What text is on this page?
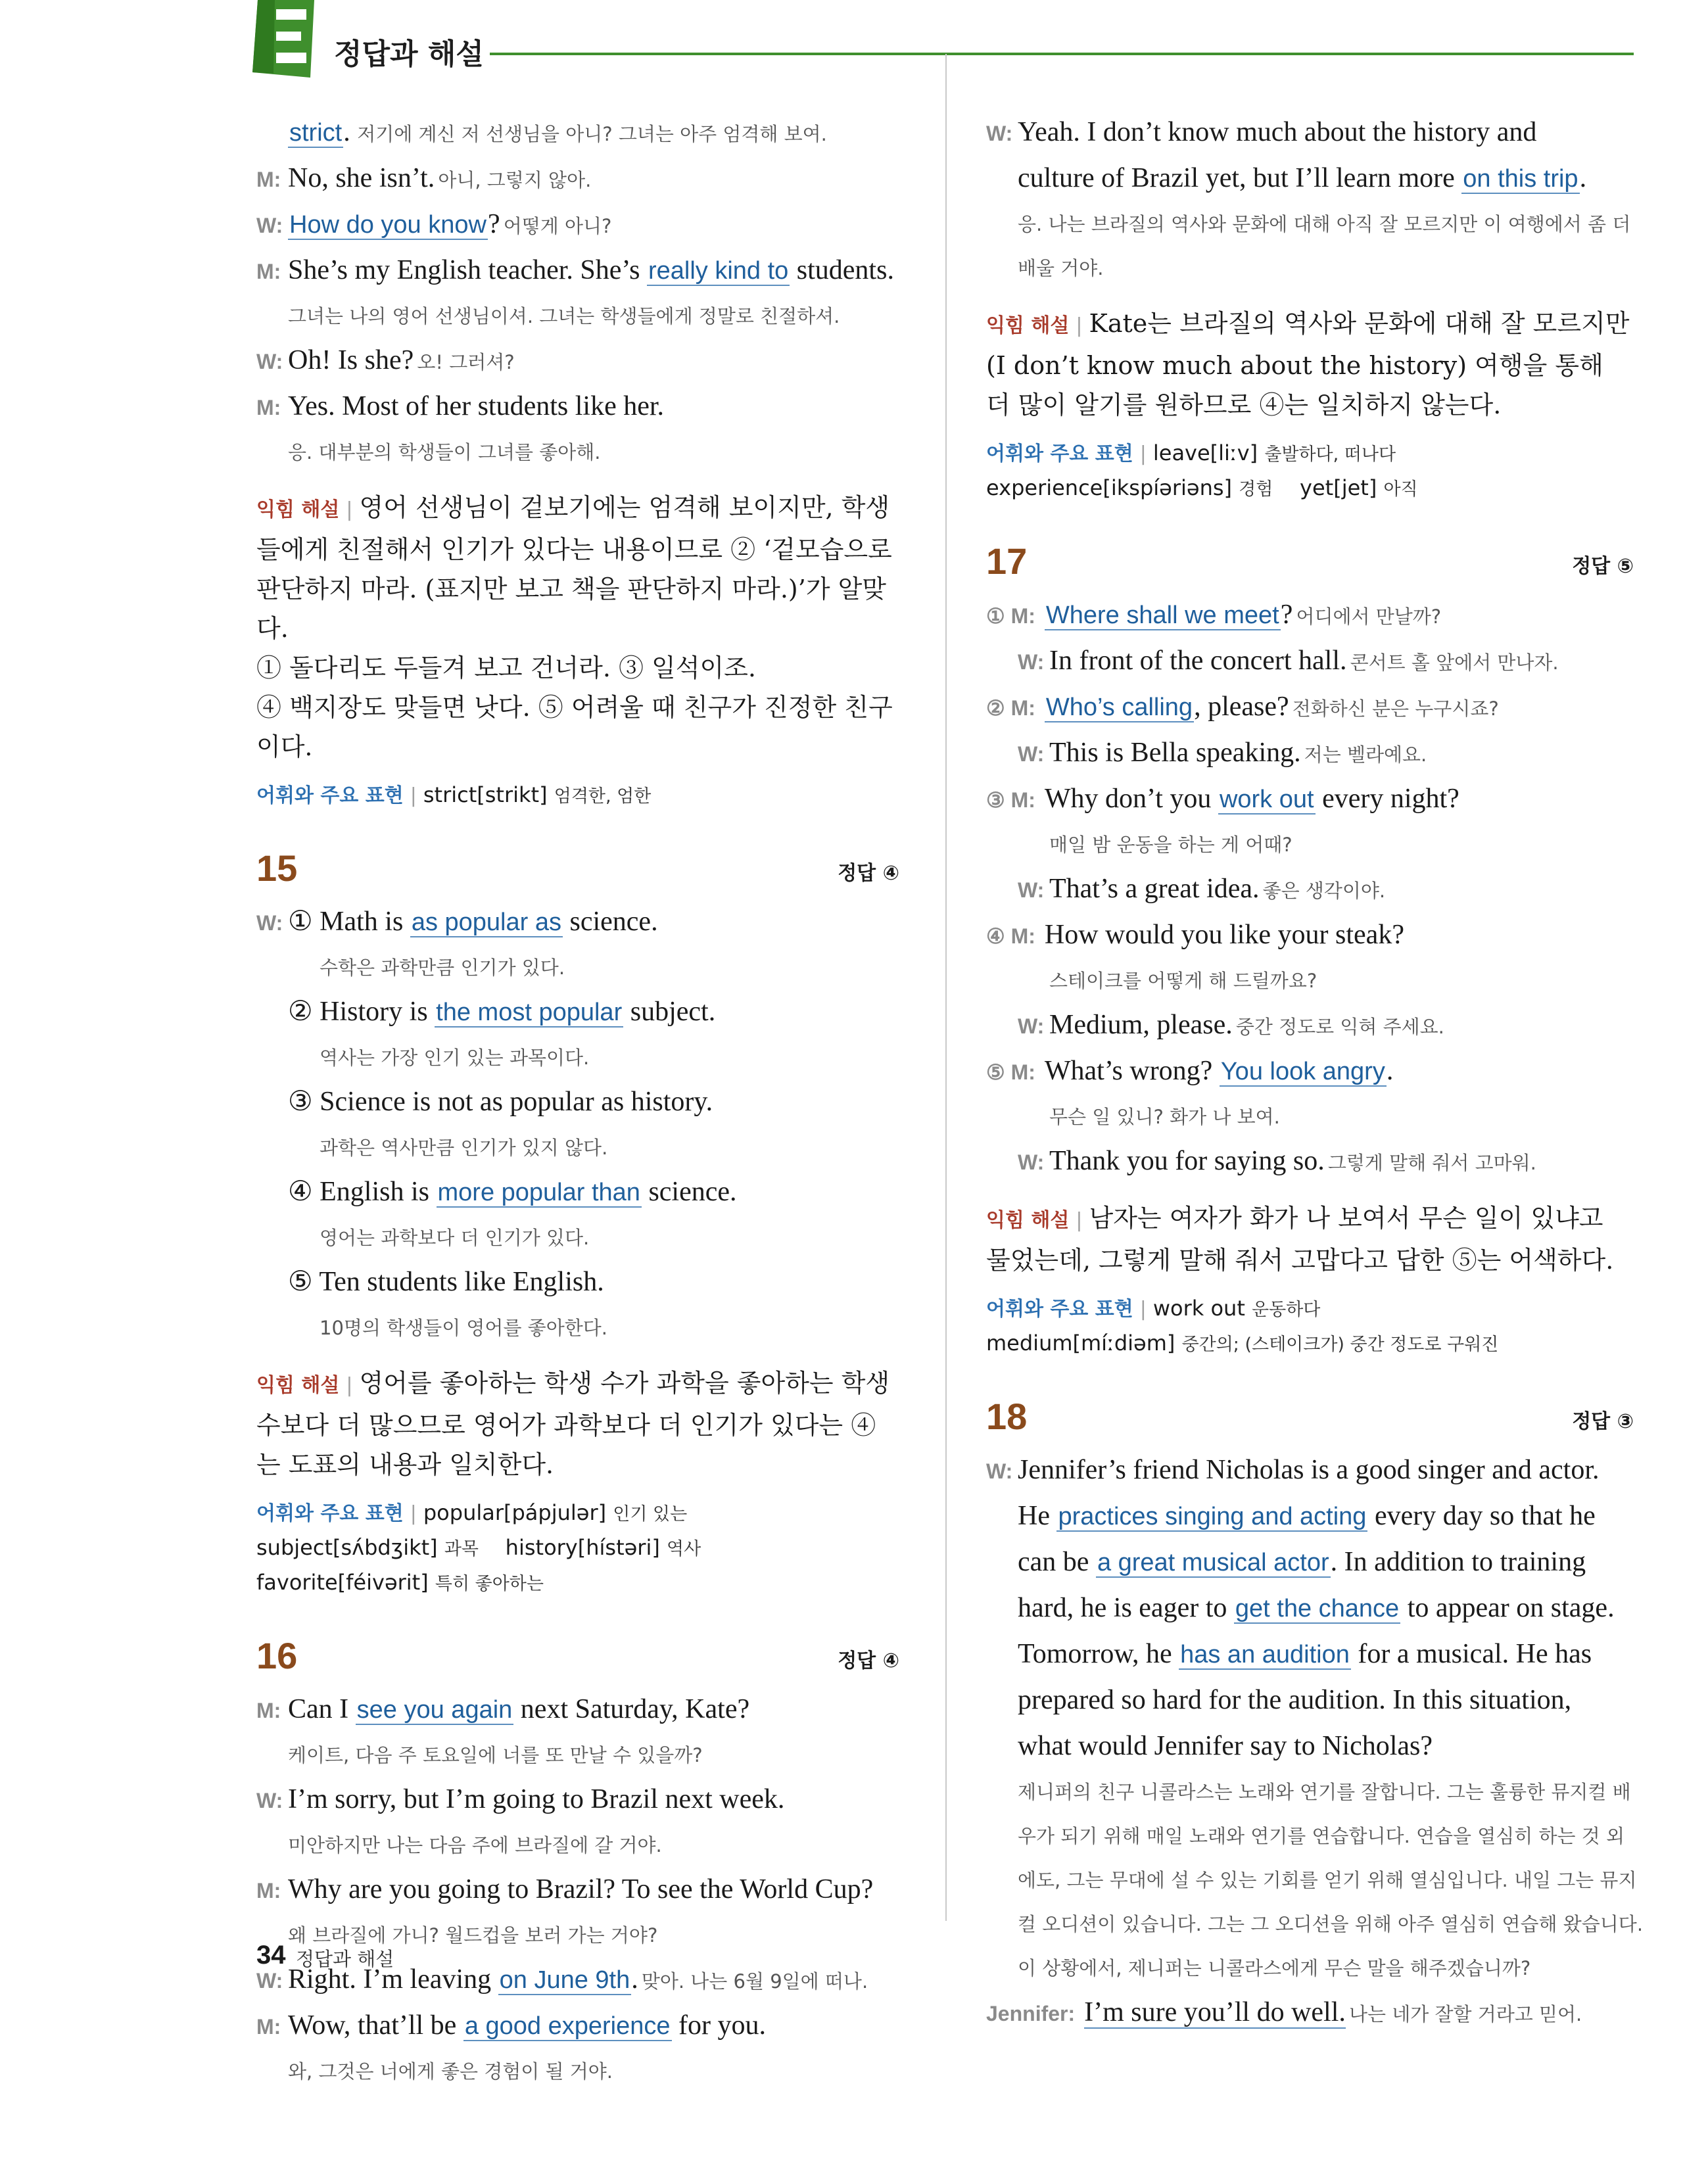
정답과 해설
strict. 저기에 계신 저 선생님을 아니? 그녀는 아주 엄격해 보여.
M: No, she isn’t. 아니, 그렇지 않아.
W: How do you know? 어떻게 아니?
M: She’s my English teacher. She’s really kind to students.
그녀는 나의 영어 선생님이셔. 그녀는 학생들에게 정말로 친절하셔.
W: Oh! Is she? 오! 그러셔?
M: Yes. Most of her students like her.
응. 대부분의 학생들이 그녀를 좋아해.
익힘 해설 | 영어 선생님이 겉보기에는 엄격해 보이지만, 학생들에게 친절해서 인기가 있다는 내용이므로 ② ‘겉모습으로 판단하지 마라. (표지만 보고 책을 판단하지 마라.)’가 알맞다.
① 돌다리도 두들겨 보고 건너라. ③ 일석이조.
④ 백지장도 맞들면 낫다. ⑤ 어려울 때 친구가 진정한 친구이다.
어휘와 주요 표현 | strict[strikt] 엄격한, 엄한
15	정답 ④
W: ① Math is as popular as science.
수학은 과학만큼 인기가 있다.
② History is the most popular subject.
역사는 가장 인기 있는 과목이다.
③ Science is not as popular as history.
과학은 역사만큼 인기가 있지 않다.
④ English is more popular than science.
영어는 과학보다 더 인기가 있다.
⑤ Ten students like English.
10명의 학생들이 영어를 좋아한다.
익힘 해설 | 영어를 좋아하는 학생 수가 과학을 좋아하는 학생 수보다 더 많으므로 영어가 과학보다 더 인기가 있다는 ④는 도표의 내용과 일치한다.
어휘와 주요 표현 | popular[pápjulər] 인기 있는
subject[sʌ́bdʒikt] 과목 history[hístəri] 역사
favorite[féivərit] 특히 좋아하는
16	정답 ④
M: Can I see you again next Saturday, Kate?
케이트, 다음 주 토요일에 너를 또 만날 수 있을까?
W: I’m sorry, but I’m going to Brazil next week.
미안하지만 나는 다음 주에 브라질에 갈 거야.
M: Why are you going to Brazil? To see the World Cup?
왜 브라질에 가니? 월드컵을 보러 가는 거야?
W: Right. I’m leaving on June 9th. 맞아. 나는 6월 9일에 떠나.
M: Wow, that’ll be a good experience for you.
와, 그것은 너에게 좋은 경험이 될 거야.
W: Yeah. I don’t know much about the history and
culture of Brazil yet, but I’ll learn more on this trip.
응. 나는 브라질의 역사와 문화에 대해 아직 잘 모르지만 이 여행에서 좀 더
배울 거야.
익힘 해설 | Kate는 브라질의 역사와 문화에 대해 잘 모르지만 (I don’t know much about the history) 여행을 통해 더 많이 알기를 원하므로 ④는 일치하지 않는다.
어휘와 주요 표현 | leave[liːv] 출발하다, 떠나다
experience[ikspíəriəns] 경험 yet[jet] 아직
17	정답 ⑤
① M: Where shall we meet? 어디에서 만날까?
W: In front of the concert hall. 콘서트 홀 앞에서 만나자.
② M: Who’s calling, please? 전화하신 분은 누구시죠?
W: This is Bella speaking. 저는 벨라예요.
③ M: Why don’t you work out every night?
매일 밤 운동을 하는 게 어때?
W: That’s a great idea. 좋은 생각이야.
④ M: How would you like your steak?
스테이크를 어떻게 해 드릴까요?
W: Medium, please. 중간 정도로 익혀 주세요.
⑤ M: What’s wrong? You look angry.
무슨 일 있니? 화가 나 보여.
W: Thank you for saying so. 그렇게 말해 줘서 고마워.
익힘 해설 | 남자는 여자가 화가 나 보여서 무슨 일이 있냐고 물었는데, 그렇게 말해 줘서 고맙다고 답한 ⑤는 어색하다.
어휘와 주요 표현 | work out 운동하다
medium[míːdiəm] 중간의; (스테이크가) 중간 정도로 구워진
18	정답 ③
W: Jennifer’s friend Nicholas is a good singer and actor.
He practices singing and acting every day so that he
can be a great musical actor. In addition to training
hard, he is eager to get the chance to appear on stage.
Tomorrow, he has an audition for a musical. He has
prepared so hard for the audition. In this situation,
what would Jennifer say to Nicholas?
제니퍼의 친구 니콜라스는 노래와 연기를 잘합니다. 그는 훌륭한 뮤지컬 배
우가 되기 위해 매일 노래와 연기를 연습합니다. 연습을 열심히 하는 것 외
에도, 그는 무대에 설 수 있는 기회를 얻기 위해 열심입니다. 내일 그는 뮤지
컬 오디션이 있습니다. 그는 그 오디션을 위해 아주 열심히 연습해 왔습니다.
이 상황에서, 제니퍼는 니콜라스에게 무슨 말을 해주겠습니까?
Jennifer: I’m sure you’ll do well. 나는 네가 잘할 거라고 믿어.
34 정답과 해설
